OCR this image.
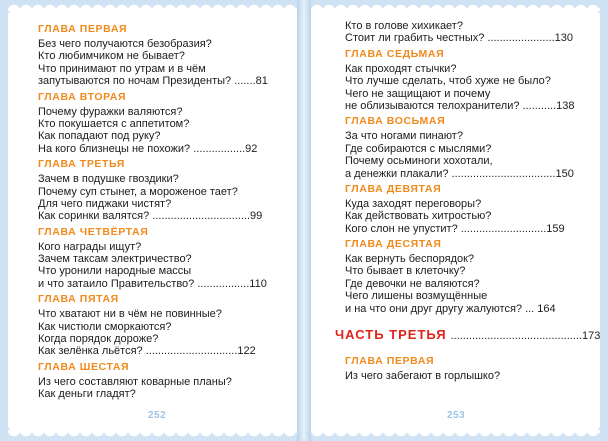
ГЛАВА ПЕРВАЯ
Без чего получаются безобразия?
Кто любимчиком не бывает?
Что принимают по утрам и в чём
запутываются по ночам Президенты? .......81
ГЛАВА ВТОРАЯ
Почему фуражки валяются?
Кто покушается с аппетитом?
Как попадают под руку?
На кого близнецы не похожи? .................92
ГЛАВА ТРЕТЬЯ
Зачем в подушке гвоздики?
Почему суп стынет, а мороженое тает?
Для чего пиджаки чистят?
Как соринки валятся? ................................99
ГЛАВА ЧЕТВЁРТАЯ
Кого награды ищут?
Зачем таксам электричество?
Что уронили народные массы
и что затаило Правительство? .................110
ГЛАВА ПЯТАЯ
Что хватают ни в чём не повинные?
Как чистюли сморкаются?
Когда порядок дороже?
Как зелёнка льётся? ..............................122
ГЛАВА ШЕСТАЯ
Из чего составляют коварные планы?
Как деньги гладят?
Кто в голове хихикает?
Стоит ли грабить честных? ......................130
ГЛАВА СЕДЬМАЯ
Как проходят стычки?
Что лучше сделать, чтоб хуже не было?
Чего не защищают и почему
не облизываются телохранители? ...........138
ГЛАВА ВОСЬМАЯ
За что ногами пинают?
Где собираются с мыслями?
Почему осьминоги хохотали,
а денежки плакали? ..................................150
ГЛАВА ДЕВЯТАЯ
Куда заходят переговоры?
Как действовать хитростью?
Кого слон не упустит? ............................159
ГЛАВА ДЕСЯТАЯ
Как вернуть беспорядок?
Что бывает в клеточку?
Где девочки не валяются?
Чего лишены возмущённые
и на что они друг другу жалуются? ... 164
ЧАСТЬ ТРЕТЬЯ ...........................................173
ГЛАВА ПЕРВАЯ
Из чего забегают в горлышко?
252	253
